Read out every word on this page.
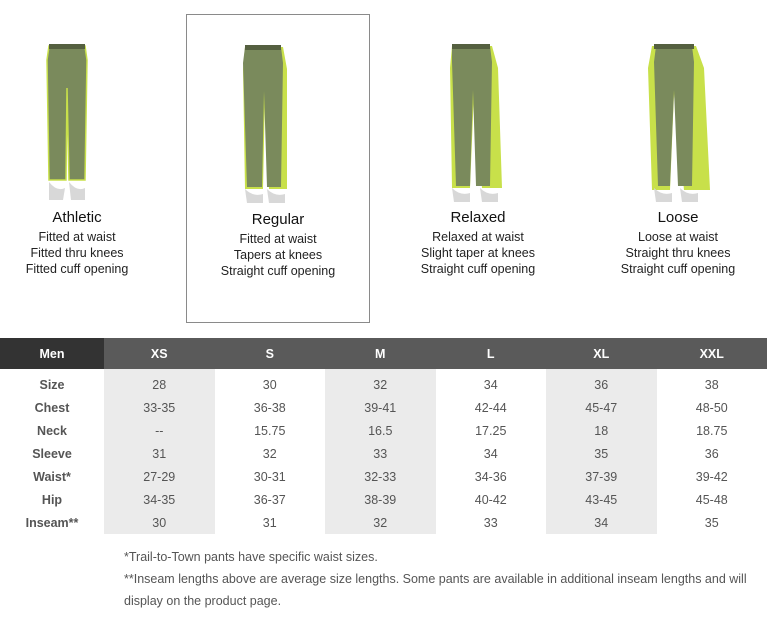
Athletic
Fitted at waist
Fitted thru knees
Fitted cuff opening
Regular
Fitted at waist
Tapers at knees
Straight cuff opening
Relaxed
Relaxed at waist
Slight taper at knees
Straight cuff opening
Loose
Loose at waist
Straight thru knees
Straight cuff opening
Men	XS	S	M	L	XL	XXL
Size	28	30	32	34	36	38
Chest	33-35	36-38	39-41	42-44	45-47	48-50
Neck	--	15.75	16.5	17.25	18	18.75
Sleeve	31	32	33	34	35	36
Waist*	27-29	30-31	32-33	34-36	37-39	39-42
Hip	34-35	36-37	38-39	40-42	43-45	45-48
Inseam**	30	31	32	33	34	35

*Trail-to-Town pants have specific waist sizes.

**Inseam lengths above are average size lengths. Some pants are available in additional inseam lengths and will display on the product page.
